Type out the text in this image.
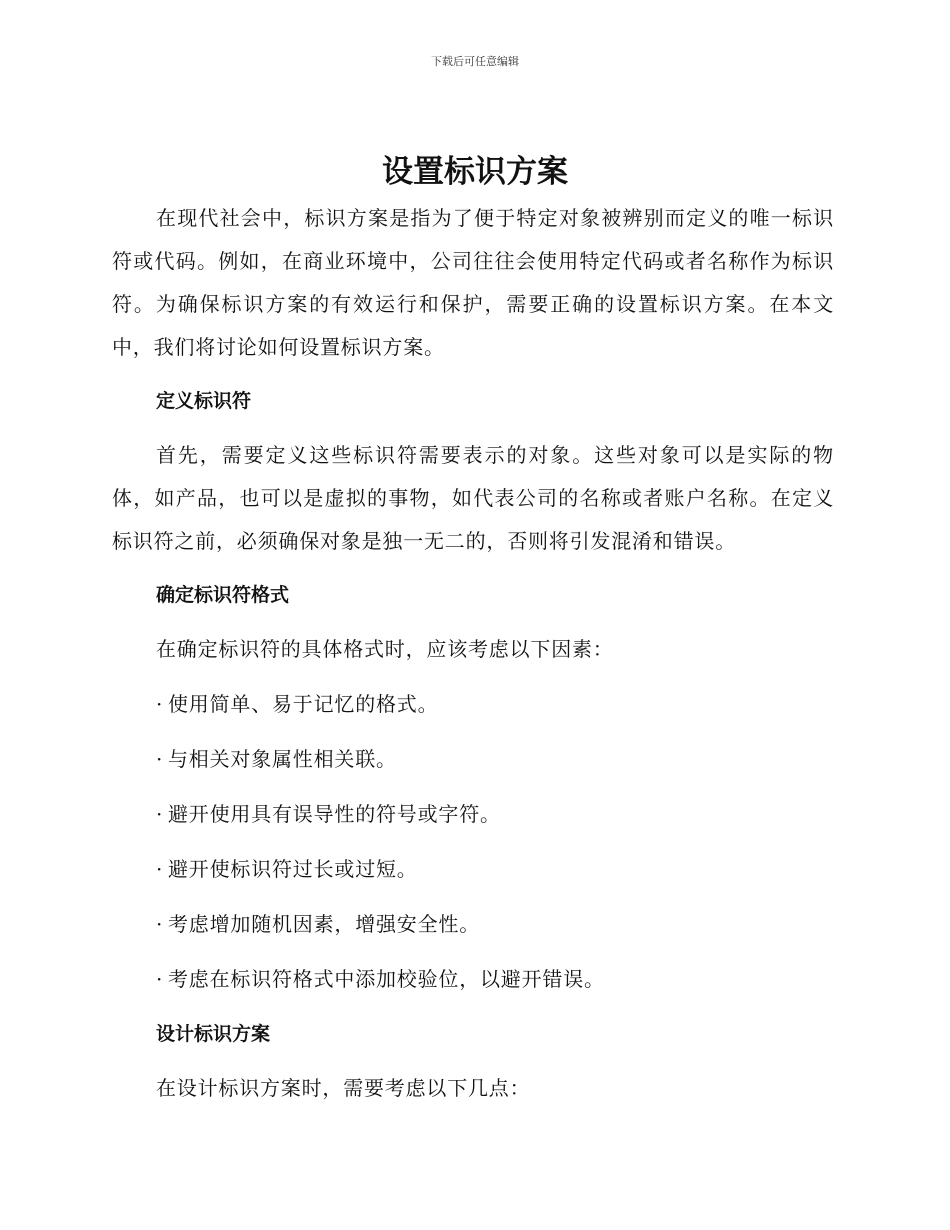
下载后可任意编辑
设置标识方案

在现代社会中，标识方案是指为了便于特定对象被辨别而定义的唯一标识符或代码。例如，在商业环境中，公司往往会使用特定代码或者名称作为标识符。为确保标识方案的有效运行和保护，需要正确的设置标识方案。在本文中，我们将讨论如何设置标识方案。

定义标识符

首先，需要定义这些标识符需要表示的对象。这些对象可以是实际的物体，如产品，也可以是虚拟的事物，如代表公司的名称或者账户名称。在定义标识符之前，必须确保对象是独一无二的，否则将引发混淆和错误。

确定标识符格式
在确定标识符的具体格式时，应该考虑以下因素：
· 使用简单、易于记忆的格式。
· 与相关对象属性相关联。
· 避开使用具有误导性的符号或字符。
· 避开使标识符过长或过短。
· 考虑增加随机因素，增强安全性。
· 考虑在标识符格式中添加校验位，以避开错误。
设计标识方案
在设计标识方案时，需要考虑以下几点：
